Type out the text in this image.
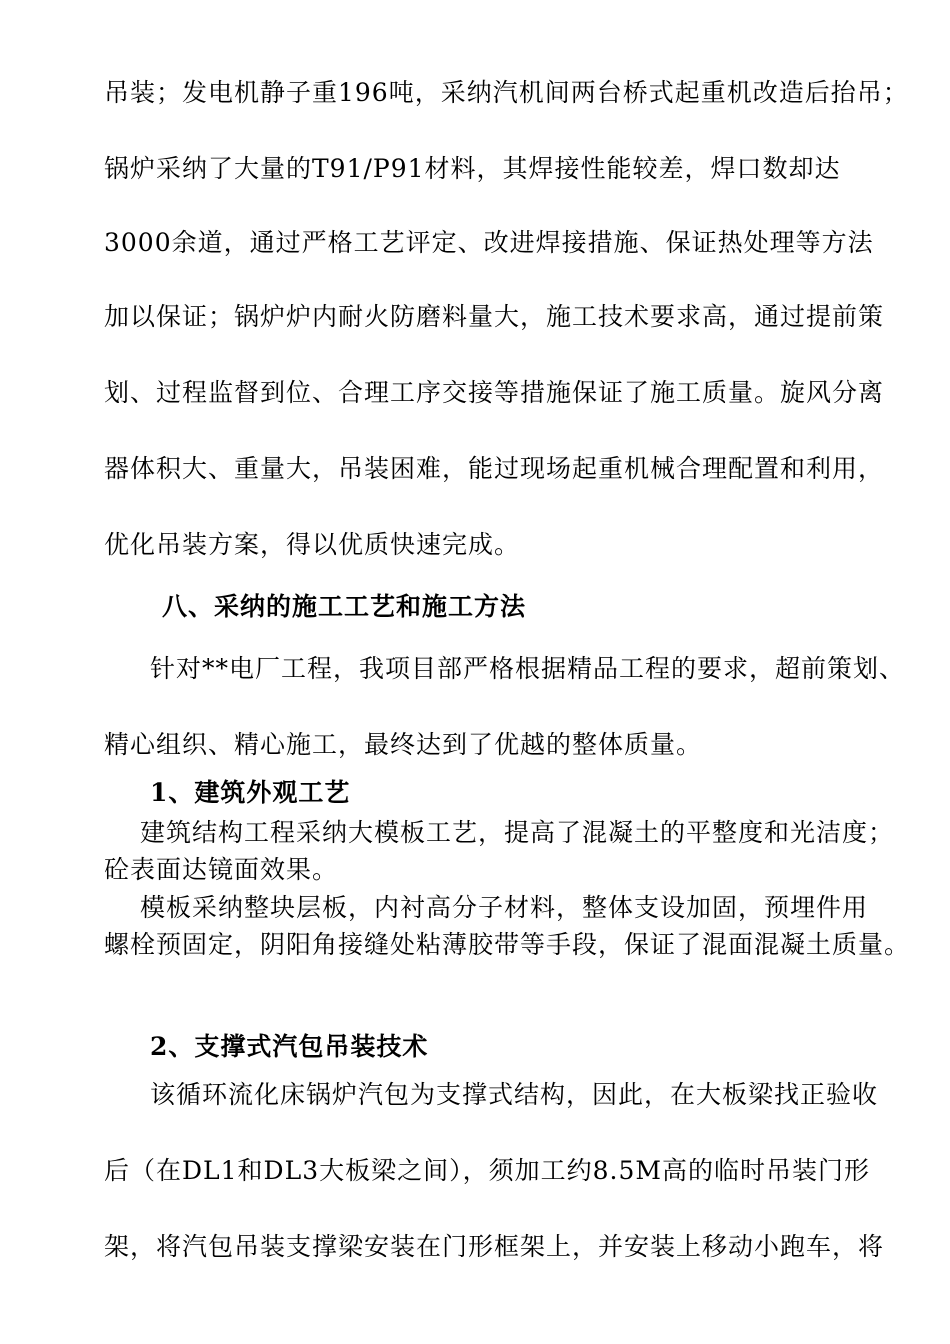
吊装；发电机静子重196吨，采纳汽机间两台桥式起重机改造后抬吊；
锅炉采纳了大量的T91/P91材料，其焊接性能较差，焊口数却达
3000余道，通过严格工艺评定、改进焊接措施、保证热处理等方法
加以保证；锅炉炉内耐火防磨料量大，施工技术要求高，通过提前策
划、过程监督到位、合理工序交接等措施保证了施工质量。旋风分离
器体积大、重量大，吊装困难，能过现场起重机械合理配置和利用，
优化吊装方案，得以优质快速完成。
八、采纳的施工工艺和施工方法
针对**电厂工程，我项目部严格根据精品工程的要求，超前策划、
精心组织、精心施工，最终达到了优越的整体质量。
1、建筑外观工艺
建筑结构工程采纳大模板工艺，提高了混凝土的平整度和光洁度；
砼表面达镜面效果。
模板采纳整块层板，内衬高分子材料，整体支设加固，预埋件用
螺栓预固定，阴阳角接缝处粘薄胶带等手段，保证了混面混凝土质量。
2、支撑式汽包吊装技术
该循环流化床锅炉汽包为支撑式结构，因此，在大板梁找正验收
后（在DL1和DL3大板梁之间），须加工约8.5M高的临时吊装门形
架，将汽包吊装支撑梁安装在门形框架上，并安装上移动小跑车，将
